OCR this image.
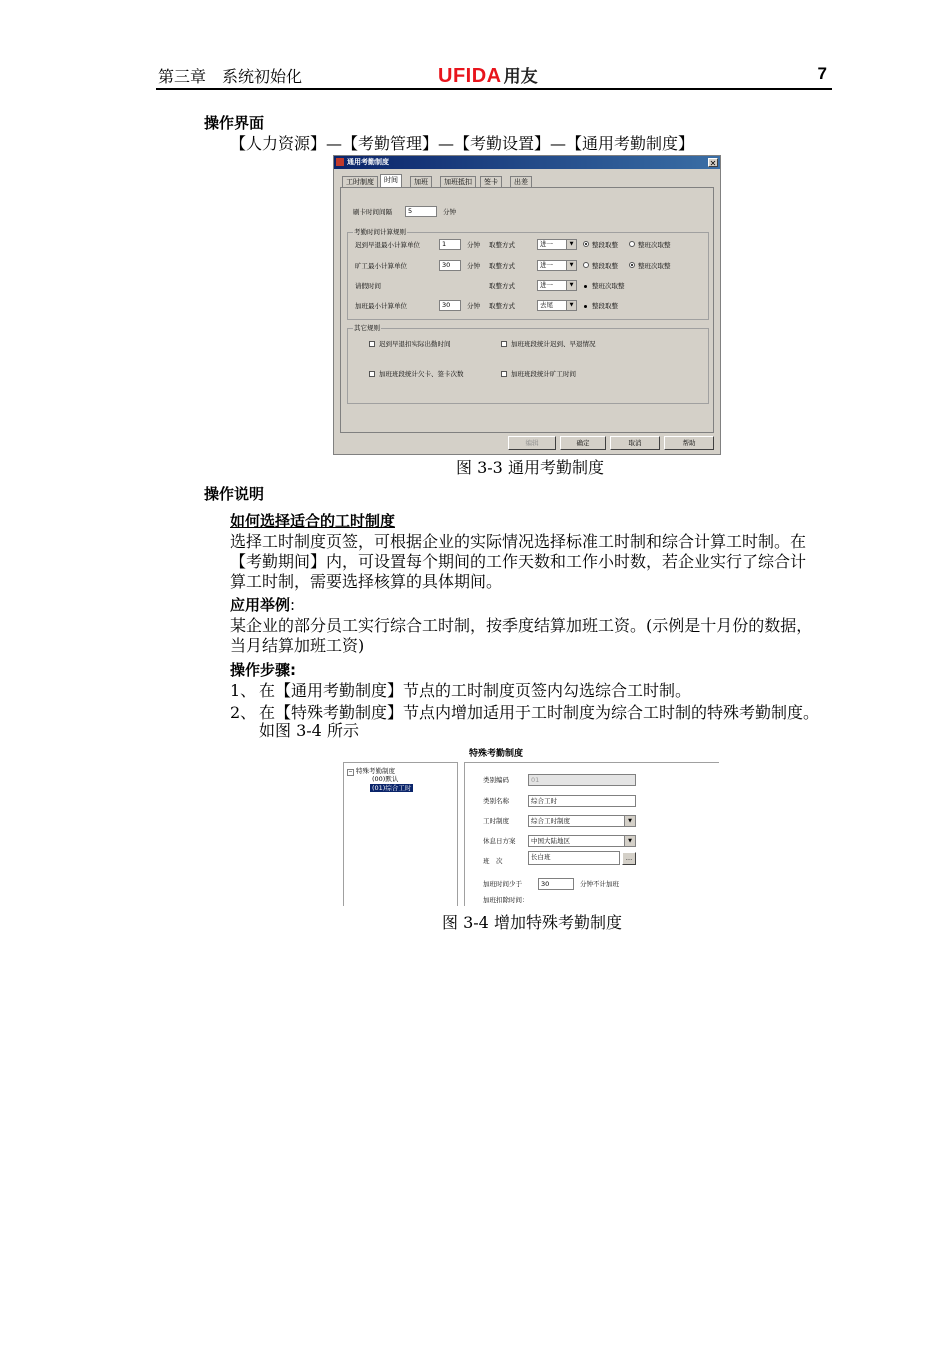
第三章　系统初始化	UFIDA 用友	7
操作界面
【人力资源】—【考勤管理】—【考勤设置】—【通用考勤制度】
通用考勤制度	✕
工时制度	时间	加班	加班抵扣	签卡	出差
刷卡时间间隔	5	分钟
考勤时间计算规则
迟到早退最小计算单位	1	分钟 取整方式	进一	▼	整段取整	整班次取整
旷工最小计算单位	30	分钟 取整方式	进一	▼	整段取整	整班次取整
请假时间	取整方式	进一	▼	整班次取整
加班最小计算单位	30	分钟 取整方式	去尾	▼	整段取整
其它规则
迟到早退扣实际出勤时间	加班班段统计迟到、早退情况
加班班段统计欠卡、签卡次数	加班班段统计旷工时间
编辑	确定	取消	帮助
图 3-3 通用考勤制度
操作说明
如何选择适合的工时制度
选择工时制度页签，可根据企业的实际情况选择标准工时制和综合计算工时制。在
【考勤期间】内，可设置每个期间的工作天数和工作小时数，若企业实行了综合计
算工时制，需要选择核算的具体期间。
应用举例:
某企业的部分员工实行综合工时制，按季度结算加班工资。(示例是十月份的数据，
当月结算加班工资)
操作步骤:
1、 在【通用考勤制度】节点的工时制度页签内勾选综合工时制。
2、 在【特殊考勤制度】节点内增加适用于工时制度为综合工时制的特殊考勤制度。
如图 3-4 所示
特殊考勤制度
− 特殊考勤制度
(00)默认
(01)综合工时
类别编码	01
类别名称	综合工时
工时制度	综合工时制度	▼
休息日方案	中国大陆地区	▼
班　次	长白班	…
加班时间少于	30	分钟不计加班
加班扣除时间：
图 3-4 增加特殊考勤制度
